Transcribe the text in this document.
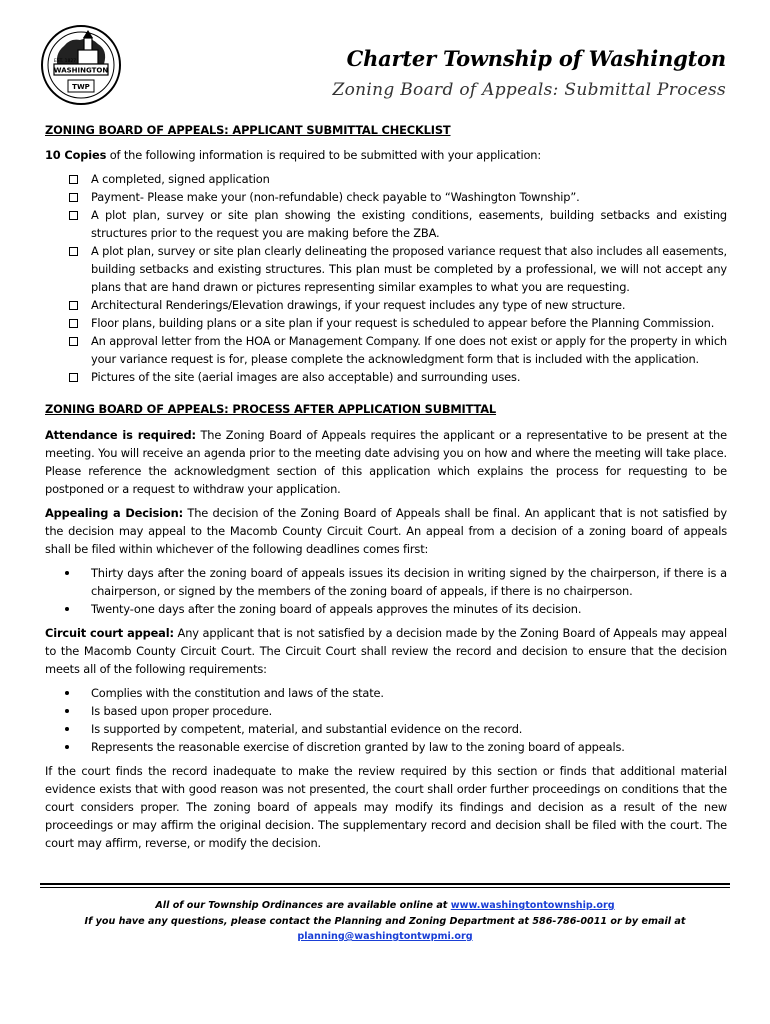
WASHINGTON
EST. 1827
TWP
Charter Township of Washington
Zoning Board of Appeals: Submittal Process

ZONING BOARD OF APPEALS: APPLICANT SUBMITTAL CHECKLIST

10 Copies of the following information is required to be submitted with your application:

A completed, signed application
Payment- Please make your (non-refundable) check payable to “Washington Township”.
A plot plan, survey or site plan showing the existing conditions, easements, building setbacks and existing structures prior to the request you are making before the ZBA.
A plot plan, survey or site plan clearly delineating the proposed variance request that also includes all easements, building setbacks and existing structures. This plan must be completed by a professional, we will not accept any plans that are hand drawn or pictures representing similar examples to what you are requesting.
Architectural Renderings/Elevation drawings, if your request includes any type of new structure.
Floor plans, building plans or a site plan if your request is scheduled to appear before the Planning Commission.
An approval letter from the HOA or Management Company. If one does not exist or apply for the property in which your variance request is for, please complete the acknowledgment form that is included with the application.
Pictures of the site (aerial images are also acceptable) and surrounding uses.

ZONING BOARD OF APPEALS: PROCESS AFTER APPLICATION SUBMITTAL

Attendance is required: The Zoning Board of Appeals requires the applicant or a representative to be present at the meeting. You will receive an agenda prior to the meeting date advising you on how and where the meeting will take place. Please reference the acknowledgment section of this application which explains the process for requesting to be postponed or a request to withdraw your application.

Appealing a Decision: The decision of the Zoning Board of Appeals shall be final. An applicant that is not satisfied by the decision may appeal to the Macomb County Circuit Court. An appeal from a decision of a zoning board of appeals shall be filed within whichever of the following deadlines comes first:

Thirty days after the zoning board of appeals issues its decision in writing signed by the chairperson, if there is a chairperson, or signed by the members of the zoning board of appeals, if there is no chairperson.
Twenty-one days after the zoning board of appeals approves the minutes of its decision.

Circuit court appeal: Any applicant that is not satisfied by a decision made by the Zoning Board of Appeals may appeal to the Macomb County Circuit Court. The Circuit Court shall review the record and decision to ensure that the decision meets all of the following requirements:

Complies with the constitution and laws of the state.
Is based upon proper procedure.
Is supported by competent, material, and substantial evidence on the record.
Represents the reasonable exercise of discretion granted by law to the zoning board of appeals.

If the court finds the record inadequate to make the review required by this section or finds that additional material evidence exists that with good reason was not presented, the court shall order further proceedings on conditions that the court considers proper. The zoning board of appeals may modify its findings and decision as a result of the new proceedings or may affirm the original decision. The supplementary record and decision shall be filed with the court. The court may affirm, reverse, or modify the decision.

All of our Township Ordinances are available online at www.washingtontownship.org
If you have any questions, please contact the Planning and Zoning Department at 586-786-0011 or by email at
planning@washingtontwpmi.org
